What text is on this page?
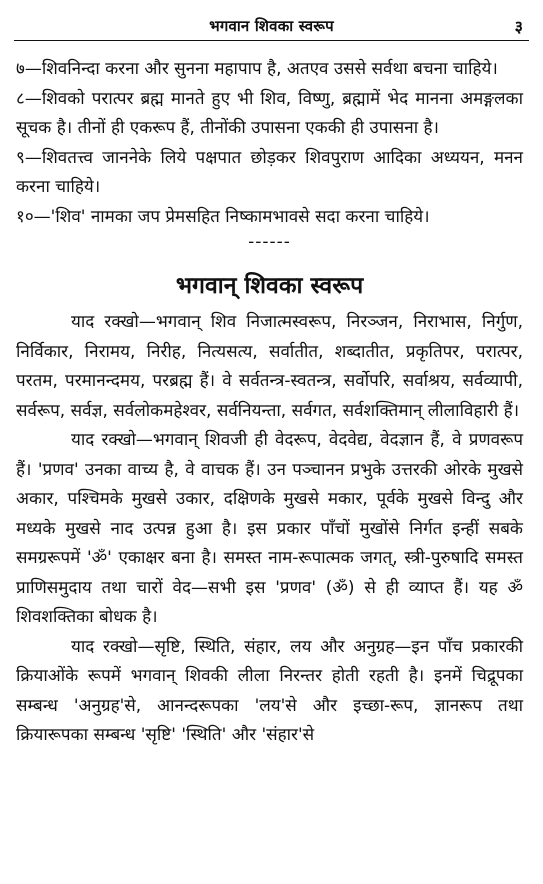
भगवान शिवका स्वरूप	३

७—शिवनिन्दा करना और सुनना महापाप है, अतएव उससे सर्वथा बचना चाहिये।

८—शिवको परात्पर ब्रह्म मानते हुए भी शिव, विष्णु, ब्रह्मामें भेद मानना अमङ्गलका सूचक है। तीनों ही एकरूप हैं, तीनोंकी उपासना एककी ही उपासना है।

९—शिवतत्त्व जाननेके लिये पक्षपात छोड़कर शिवपुराण आदिका अध्ययन, मनन करना चाहिये।

१०—'शिव' नामका जप प्रेमसहित निष्कामभावसे सदा करना चाहिये।

------
भगवान् शिवका स्वरूप

याद रक्खो—भगवान् शिव निजात्मस्वरूप, निरञ्जन, निराभास, निर्गुण, निर्विकार, निरामय, निरीह, नित्यसत्य, सर्वातीत, शब्दातीत, प्रकृतिपर, परात्पर, परतम, परमानन्दमय, परब्रह्म हैं। वे सर्वतन्त्र-स्वतन्त्र, सर्वोपरि, सर्वाश्रय, सर्वव्यापी, सर्वरूप, सर्वज्ञ, सर्वलोकमहेश्वर, सर्वनियन्ता, सर्वगत, सर्वशक्तिमान् लीलाविहारी हैं।

याद रक्खो—भगवान् शिवजी ही वेदरूप, वेदवेद्य, वेदज्ञान हैं, वे प्रणवरूप हैं। 'प्रणव' उनका वाच्य है, वे वाचक हैं। उन पञ्चानन प्रभुके उत्तरकी ओरके मुखसे अकार, पश्चिमके मुखसे उकार, दक्षिणके मुखसे मकार, पूर्वके मुखसे विन्दु और मध्यके मुखसे नाद उत्पन्न हुआ है। इस प्रकार पाँचों मुखोंसे निर्गत इन्हीं सबके समग्ररूपमें 'ॐ' एकाक्षर बना है। समस्त नाम-रूपात्मक जगत्, स्त्री-पुरुषादि समस्त प्राणिसमुदाय तथा चारों वेद—सभी इस 'प्रणव' (ॐ) से ही व्याप्त हैं। यह ॐ शिवशक्तिका बोधक है।

याद रक्खो—सृष्टि, स्थिति, संहार, लय और अनुग्रह—इन पाँच प्रकारकी क्रियाओंके रूपमें भगवान् शिवकी लीला निरन्तर होती रहती है। इनमें चिद्रूपका सम्बन्ध 'अनुग्रह'से, आनन्दरूपका 'लय'से और इच्छा-रूप, ज्ञानरूप तथा क्रियारूपका सम्बन्ध 'सृष्टि' 'स्थिति' और 'संहार'से
